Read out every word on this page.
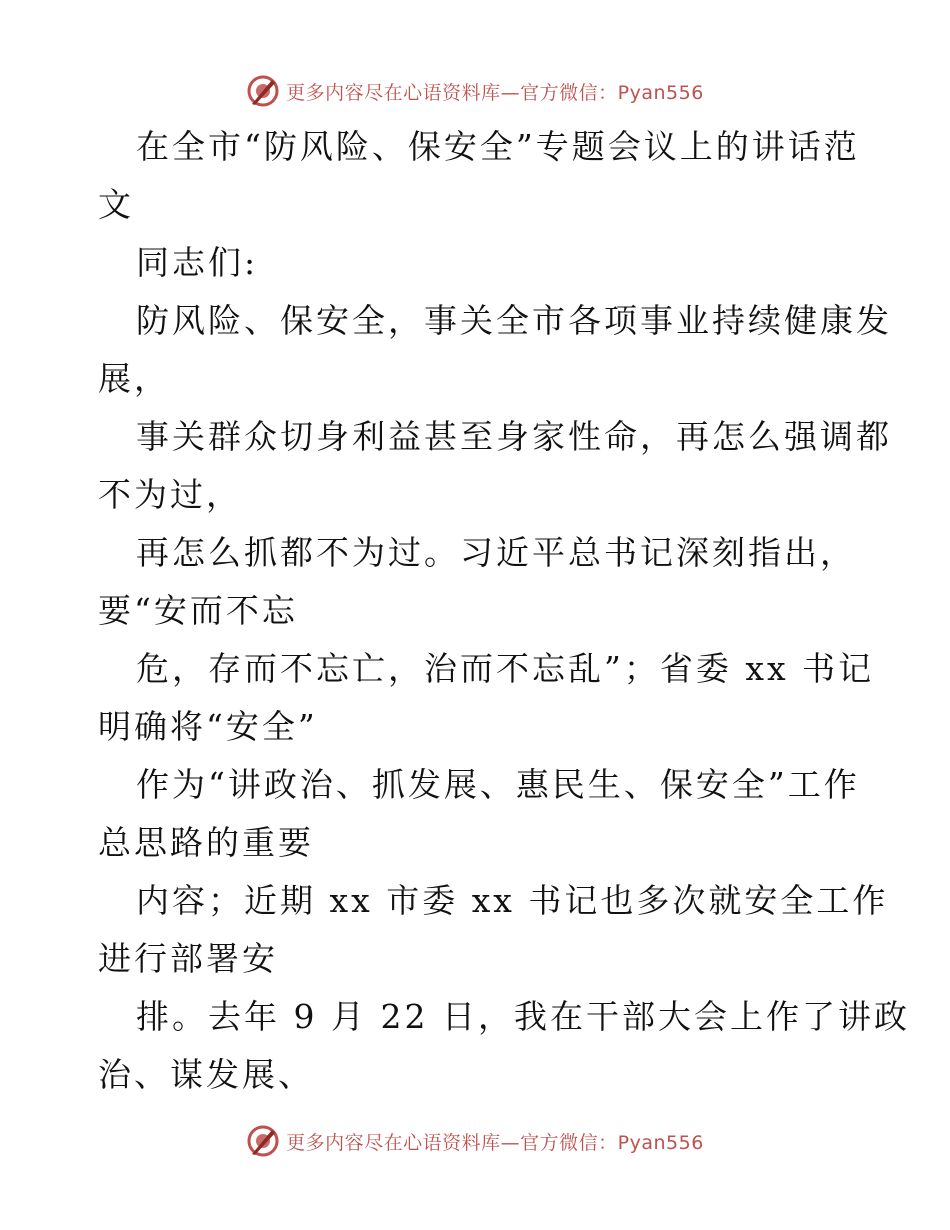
更多内容尽在心语资料库—官方微信：Pyan556
在全市“防风险、保安全”专题会议上的讲话范
文
同志们:
防风险、保安全，事关全市各项事业持续健康发
展，
事关群众切身利益甚至身家性命，再怎么强调都
不为过，
再怎么抓都不为过。习近平总书记深刻指出，
要“安而不忘
危，存而不忘亡，治而不忘乱”；省委 xx 书记
明确将“安全”
作为“讲政治、抓发展、惠民生、保安全”工作
总思路的重要
内容；近期 xx 市委 xx 书记也多次就安全工作
进行部署安
排。去年 9 月 22 日，我在干部大会上作了讲政
治、谋发展、
更多内容尽在心语资料库—官方微信：Pyan556
